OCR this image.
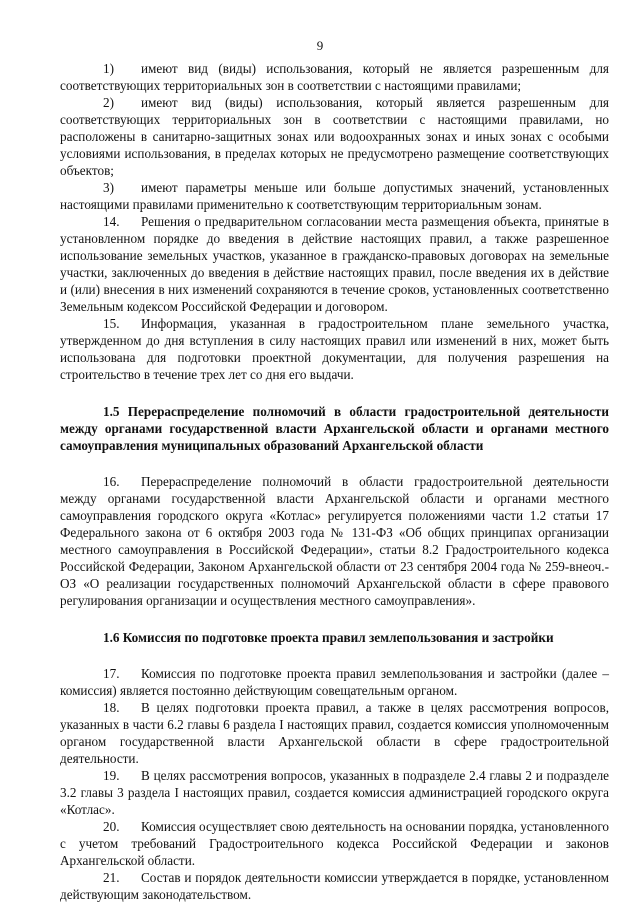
9

1) имеют вид (виды) использования, который не является разрешенным для соответствующих территориальных зон в соответствии с настоящими правилами;

2) имеют вид (виды) использования, который является разрешенным для соответствующих территориальных зон в соответствии с настоящими правилами, но расположены в санитарно-защитных зонах или водоохранных зонах и иных зонах с особыми условиями использования, в пределах которых не предусмотрено размещение соответствующих объектов;

3) имеют параметры меньше или больше допустимых значений, установленных настоящими правилами применительно к соответствующим территориальным зонам.

14. Решения о предварительном согласовании места размещения объекта, принятые в установленном порядке до введения в действие настоящих правил, а также разрешенное использование земельных участков, указанное в гражданско-правовых договорах на земельные участки, заключенных до введения в действие настоящих правил, после введения их в действие и (или) внесения в них изменений сохраняются в течение сроков, установленных соответственно Земельным кодексом Российской Федерации и договором.

15. Информация, указанная в градостроительном плане земельного участка, утвержденном до дня вступления в силу настоящих правил или изменений в них, может быть использована для подготовки проектной документации, для получения разрешения на строительство в течение трех лет со дня его выдачи.

1.5 Перераспределение полномочий в области градостроительной деятельности между органами государственной власти Архангельской области и органами местного самоуправления муниципальных образований Архангельской области

16. Перераспределение полномочий в области градостроительной деятельности между органами государственной власти Архангельской области и органами местного самоуправления городского округа «Котлас» регулируется положениями части 1.2 статьи 17 Федерального закона от 6 октября 2003 года № 131-ФЗ «Об общих принципах организации местного самоуправления в Российской Федерации», статьи 8.2 Градостроительного кодекса Российской Федерации, Законом Архангельской области от 23 сентября 2004 года № 259-внеоч.-ОЗ «О реализации государственных полномочий Архангельской области в сфере правового регулирования организации и осуществления местного самоуправления».

1.6 Комиссия по подготовке проекта правил землепользования и застройки

17. Комиссия по подготовке проекта правил землепользования и застройки (далее – комиссия) является постоянно действующим совещательным органом.

18. В целях подготовки проекта правил, а также в целях рассмотрения вопросов, указанных в части 6.2 главы 6 раздела I настоящих правил, создается комиссия уполномоченным органом государственной власти Архангельской области в сфере градостроительной деятельности.

19. В целях рассмотрения вопросов, указанных в подразделе 2.4 главы 2 и подразделе 3.2 главы 3 раздела I настоящих правил, создается комиссия администрацией городского округа «Котлас».

20. Комиссия осуществляет свою деятельность на основании порядка, установленного с учетом требований Градостроительного кодекса Российской Федерации и законов Архангельской области.

21. Состав и порядок деятельности комиссии утверждается в порядке, установленном действующим законодательством.
